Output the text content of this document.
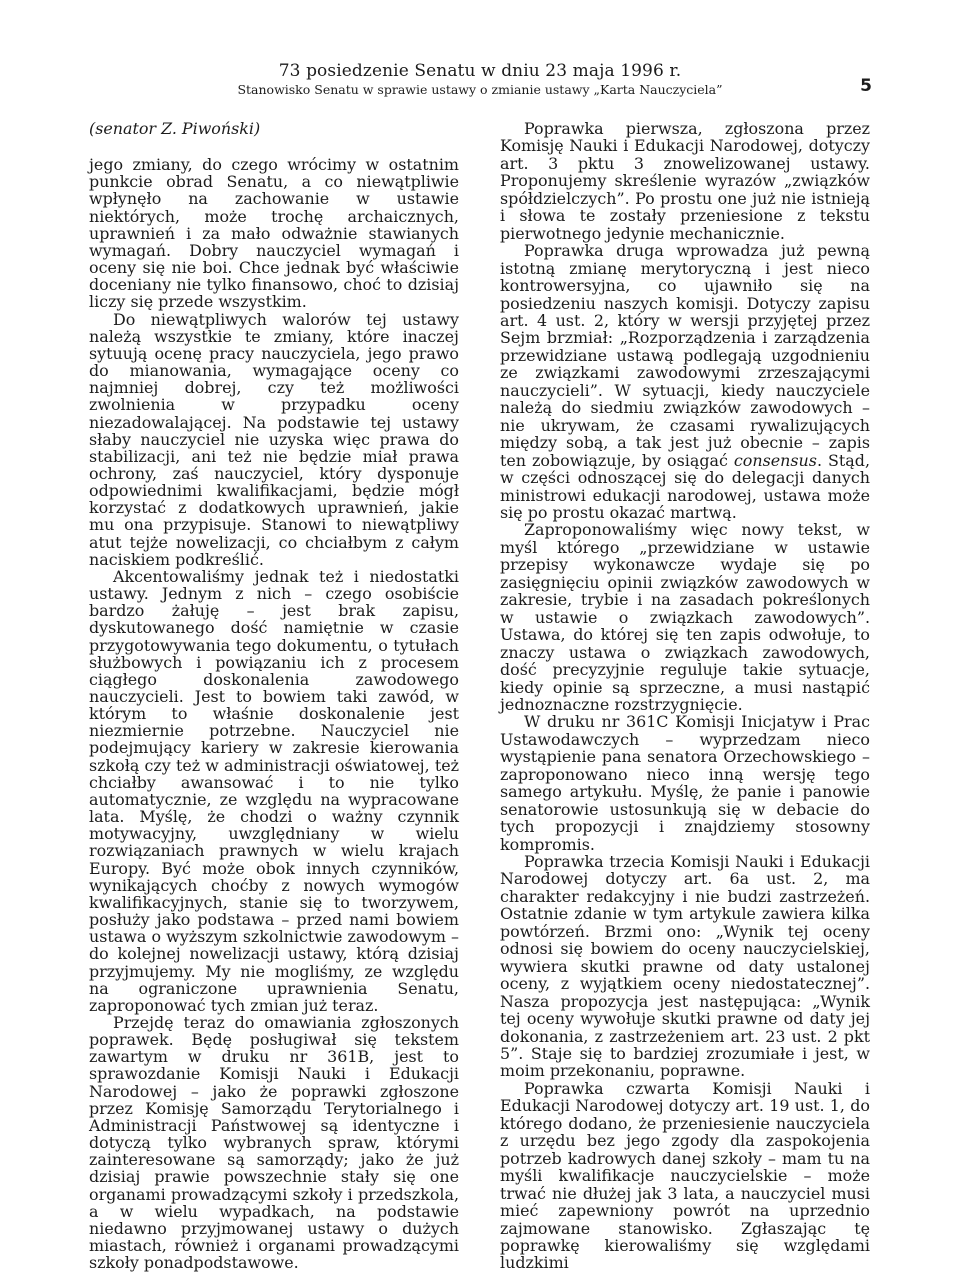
73 posiedzenie Senatu w dniu 23 maja 1996 r.
Stanowisko Senatu w sprawie ustawy o zmianie ustawy „Karta Nauczyciela”	5
(senator Z. Piwoński)

jego zmiany, do czego wrócimy w ostatnim punkcie obrad Senatu, a co niewątpliwie wpłynęło na zachowanie w ustawie niektórych, może trochę archaicznych, uprawnień i za mało odważnie stawianych wymagań. Dobry nauczyciel wymagań i oceny się nie boi. Chce jednak być właściwie doceniany nie tylko finansowo, choć to dzisiaj liczy się przede wszystkim.

Do niewątpliwych walorów tej ustawy należą wszystkie te zmiany, które inaczej sytuują ocenę pracy nauczyciela, jego prawo do mianowania, wymagające oceny co najmniej dobrej, czy też możliwości zwolnienia w przypadku oceny niezadowalającej. Na podstawie tej ustawy słaby nauczyciel nie uzyska więc prawa do stabilizacji, ani też nie będzie miał prawa ochrony, zaś nauczyciel, który dysponuje odpowiednimi kwalifikacjami, będzie mógł korzystać z dodatkowych uprawnień, jakie mu ona przypisuje. Stanowi to niewątpliwy atut tejże nowelizacji, co chciałbym z całym naciskiem podkreślić.

Akcentowaliśmy jednak też i niedostatki ustawy. Jednym z nich – czego osobiście bardzo żałuję – jest brak zapisu, dyskutowanego dość namiętnie w czasie przygotowywania tego dokumentu, o tytułach służbowych i powiązaniu ich z procesem ciągłego doskonalenia zawodowego nauczycieli. Jest to bowiem taki zawód, w którym to właśnie doskonalenie jest niezmiernie potrzebne. Nauczyciel nie podejmujący kariery w zakresie kierowania szkołą czy też w administracji oświatowej, też chciałby awansować i to nie tylko automatycznie, ze względu na wypracowane lata. Myślę, że chodzi o ważny czynnik motywacyjny, uwzględniany w wielu rozwiązaniach prawnych w wielu krajach Europy. Być może obok innych czynników, wynikających choćby z nowych wymogów kwalifikacyjnych, stanie się to tworzywem, posłuży jako podstawa – przed nami bowiem ustawa o wyższym szkolnictwie zawodowym – do kolejnej nowelizacji ustawy, którą dzisiaj przyjmujemy. My nie mogliśmy, ze względu na ograniczone uprawnienia Senatu, zaproponować tych zmian już teraz.

Przejdę teraz do omawiania zgłoszonych poprawek. Będę posługiwał się tekstem zawartym w druku nr 361B, jest to sprawozdanie Komisji Nauki i Edukacji Narodowej – jako że poprawki zgłoszone przez Komisję Samorządu Terytorialnego i Administracji Państwowej są identyczne i dotyczą tylko wybranych spraw, którymi zainteresowane są samorządy; jako że już dzisiaj prawie powszechnie stały się one organami prowadzącymi szkoły i przedszkola, a w wielu wypadkach, na podstawie niedawno przyjmowanej ustawy o dużych miastach, również i organami prowadzącymi szkoły ponadpodstawowe.

Poprawka pierwsza, zgłoszona przez Komisję Nauki i Edukacji Narodowej, dotyczy art. 3 pktu 3 znowelizowanej ustawy. Proponujemy skreślenie wyrazów „związków spółdzielczych”. Po prostu one już nie istnieją i słowa te zostały przeniesione z tekstu pierwotnego jedynie mechanicznie.

Poprawka druga wprowadza już pewną istotną zmianę merytoryczną i jest nieco kontrowersyjna, co ujawniło się na posiedzeniu naszych komisji. Dotyczy zapisu art. 4 ust. 2, który w wersji przyjętej przez Sejm brzmiał: „Rozporządzenia i zarządzenia przewidziane ustawą podlegają uzgodnieniu ze związkami zawodowymi zrzeszającymi nauczycieli”. W sytuacji, kiedy nauczyciele należą do siedmiu związków zawodowych – nie ukrywam, że czasami rywalizujących między sobą, a tak jest już obecnie – zapis ten zobowiązuje, by osiągać consensus. Stąd, w części odnoszącej się do delegacji danych ministrowi edukacji narodowej, ustawa może się po prostu okazać martwą.

Zaproponowaliśmy więc nowy tekst, w myśl którego „przewidziane w ustawie przepisy wykonawcze wydaje się po zasięgnięciu opinii związków zawodowych w zakresie, trybie i na zasadach pokreślonych w ustawie o związkach zawodowych”. Ustawa, do której się ten zapis odwołuje, to znaczy ustawa o związkach zawodowych, dość precyzyjnie reguluje takie sytuacje, kiedy opinie są sprzeczne, a musi nastąpić jednoznaczne rozstrzygnięcie.

W druku nr 361C Komisji Inicjatyw i Prac Ustawodawczych – wyprzedzam nieco wystąpienie pana senatora Orzechowskiego – zaproponowano nieco inną wersję tego samego artykułu. Myślę, że panie i panowie senatorowie ustosunkują się w debacie do tych propozycji i znajdziemy stosowny kompromis.

Poprawka trzecia Komisji Nauki i Edukacji Narodowej dotyczy art. 6a ust. 2, ma charakter redakcyjny i nie budzi zastrzeżeń. Ostatnie zdanie w tym artykule zawiera kilka powtórzeń. Brzmi ono: „Wynik tej oceny odnosi się bowiem do oceny nauczycielskiej, wywiera skutki prawne od daty ustalonej oceny, z wyjątkiem oceny niedostatecznej”. Nasza propozycja jest następująca: „Wynik tej oceny wywołuje skutki prawne od daty jej dokonania, z zastrzeżeniem art. 23 ust. 2 pkt 5”. Staje się to bardziej zrozumiałe i jest, w moim przekonaniu, poprawne.

Poprawka czwarta Komisji Nauki i Edukacji Narodowej dotyczy art. 19 ust. 1, do którego dodano, że przeniesienie nauczyciela z urzędu bez jego zgody dla zaspokojenia potrzeb kadrowych danej szkoły – mam tu na myśli kwalifikacje nauczycielskie – może trwać nie dłużej jak 3 lata, a nauczyciel musi mieć zapewniony powrót na uprzednio zajmowane stanowisko. Zgłaszając tę poprawkę kierowaliśmy się względami ludzkimi
